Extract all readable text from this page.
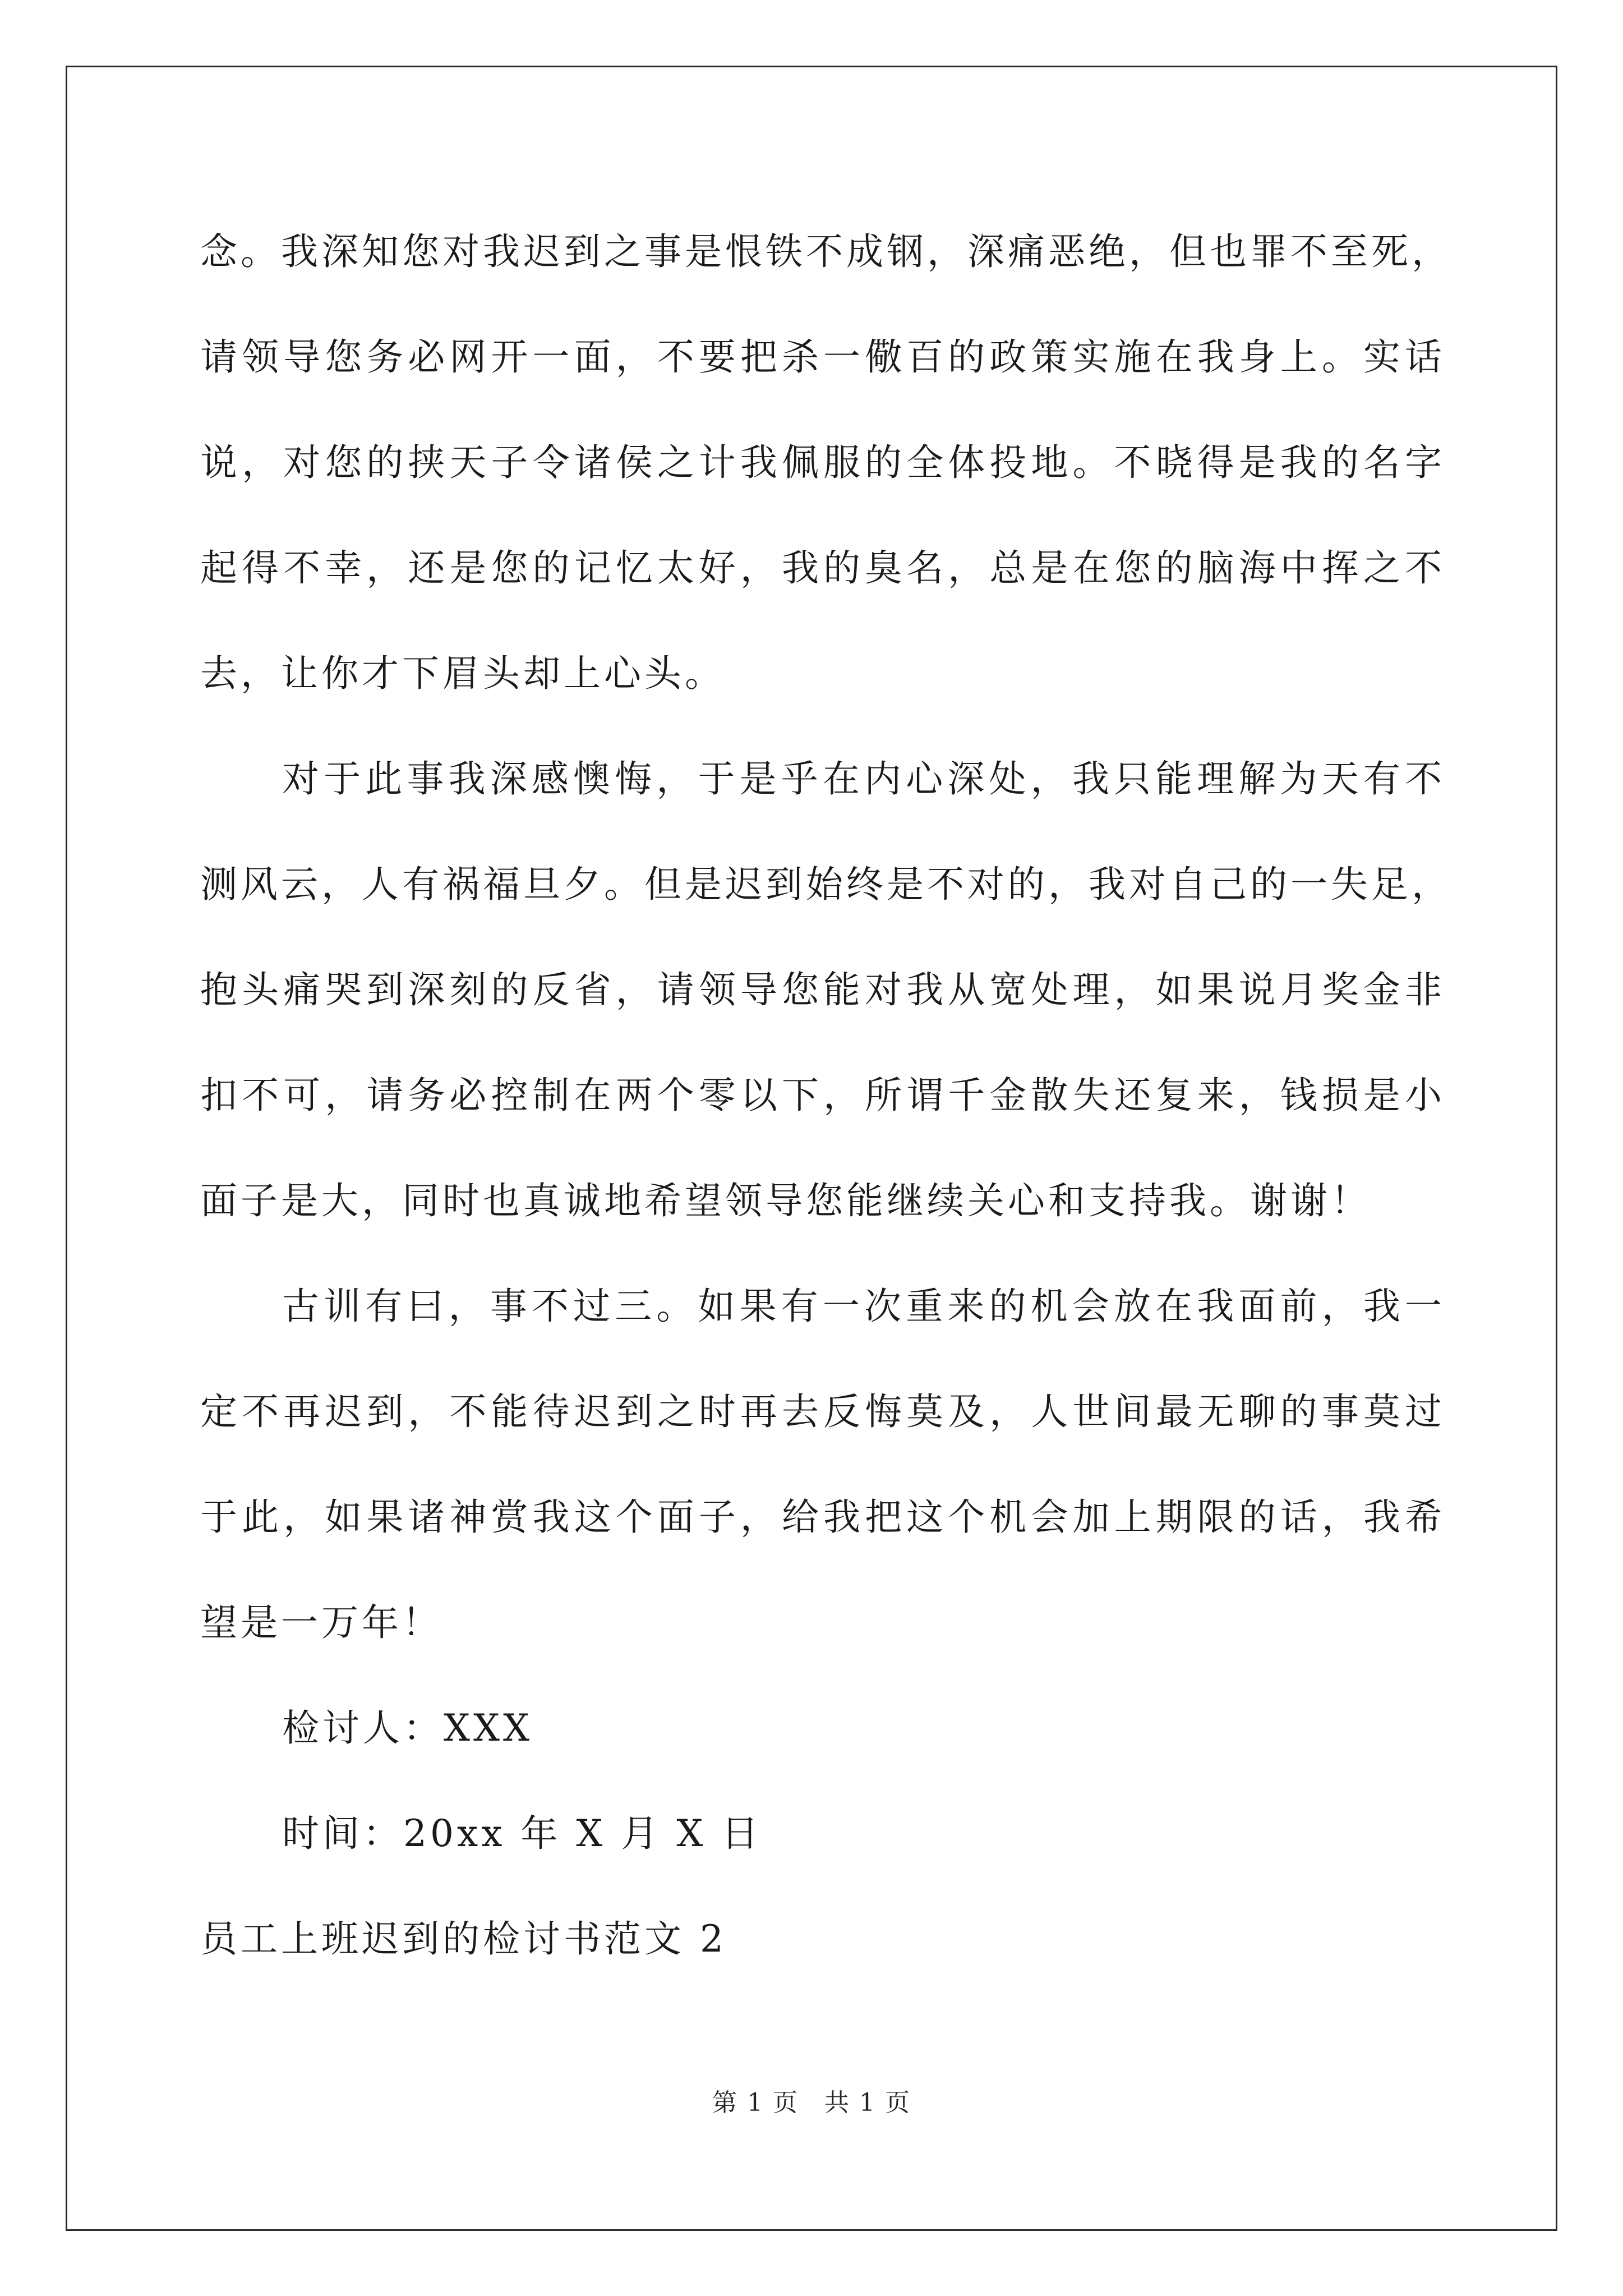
念。我深知您对我迟到之事是恨铁不成钢，深痛恶绝，但也罪不至死，
请领导您务必网开一面，不要把杀一儆百的政策实施在我身上。实话
说，对您的挟天子令诸侯之计我佩服的全体投地。不晓得是我的名字
起得不幸，还是您的记忆太好，我的臭名，总是在您的脑海中挥之不
去，让你才下眉头却上心头。
对于此事我深感懊悔，于是乎在内心深处，我只能理解为天有不
测风云，人有祸福旦夕。但是迟到始终是不对的，我对自己的一失足，
抱头痛哭到深刻的反省，请领导您能对我从宽处理，如果说月奖金非
扣不可，请务必控制在两个零以下，所谓千金散失还复来，钱损是小
面子是大，同时也真诚地希望领导您能继续关心和支持我。谢谢！
古训有曰，事不过三。如果有一次重来的机会放在我面前，我一
定不再迟到，不能待迟到之时再去反悔莫及，人世间最无聊的事莫过
于此，如果诸神赏我这个面子，给我把这个机会加上期限的话，我希
望是一万年！
检讨人：XXX
时间：20xx 年 X 月 X 日
员工上班迟到的检讨书范文 2
第 1 页　共 1 页
